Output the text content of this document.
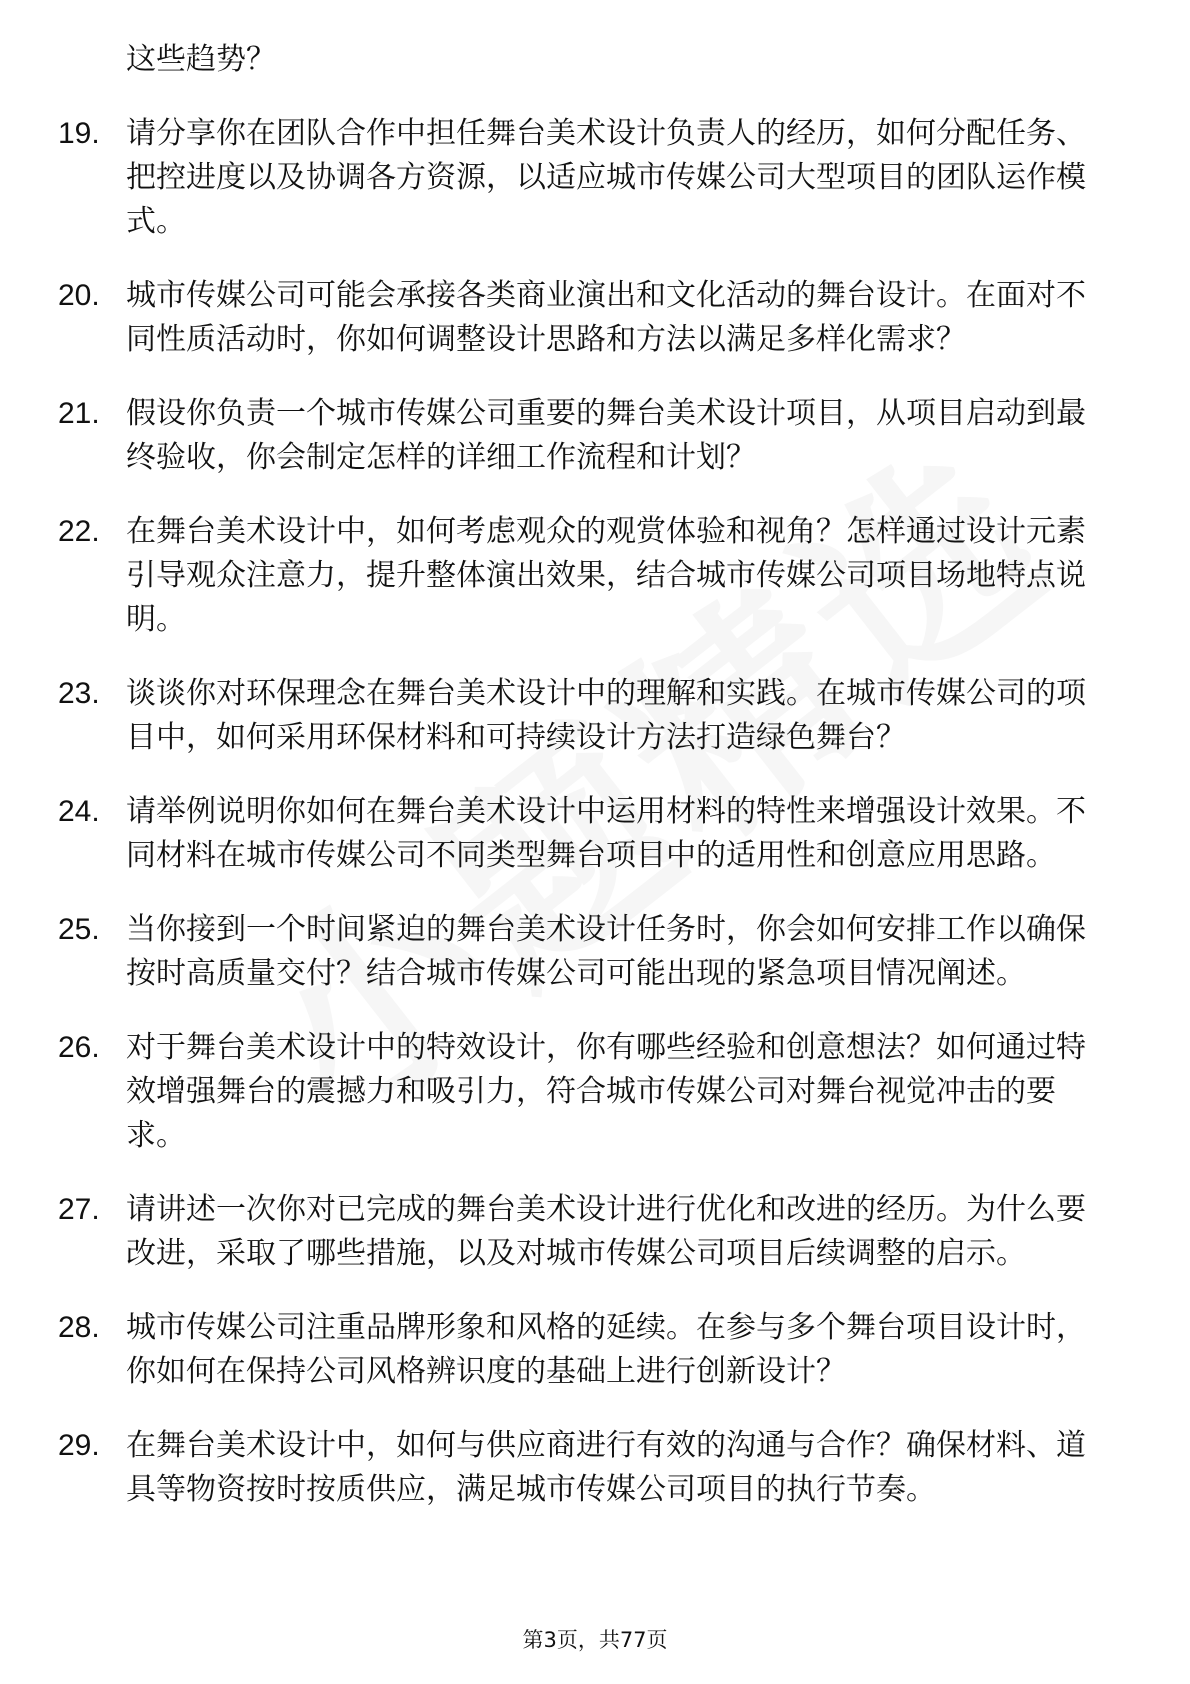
这些趋势？

19. 请分享你在团队合作中担任舞台美术设计负责人的经历，如何分配任务、把控进度以及协调各方资源，以适应城市传媒公司大型项目的团队运作模式。

20. 城市传媒公司可能会承接各类商业演出和文化活动的舞台设计。在面对不同性质活动时，你如何调整设计思路和方法以满足多样化需求？

21. 假设你负责一个城市传媒公司重要的舞台美术设计项目，从项目启动到最终验收，你会制定怎样的详细工作流程和计划？

22. 在舞台美术设计中，如何考虑观众的观赏体验和视角？怎样通过设计元素引导观众注意力，提升整体演出效果，结合城市传媒公司项目场地特点说明。

23. 谈谈你对环保理念在舞台美术设计中的理解和实践。在城市传媒公司的项目中，如何采用环保材料和可持续设计方法打造绿色舞台？

24. 请举例说明你如何在舞台美术设计中运用材料的特性来增强设计效果。不同材料在城市传媒公司不同类型舞台项目中的适用性和创意应用思路。

25. 当你接到一个时间紧迫的舞台美术设计任务时，你会如何安排工作以确保按时高质量交付？结合城市传媒公司可能出现的紧急项目情况阐述。

26. 对于舞台美术设计中的特效设计，你有哪些经验和创意想法？如何通过特效增强舞台的震撼力和吸引力，符合城市传媒公司对舞台视觉冲击的要求。

27. 请讲述一次你对已完成的舞台美术设计进行优化和改进的经历。为什么要改进，采取了哪些措施，以及对城市传媒公司项目后续调整的启示。

28. 城市传媒公司注重品牌形象和风格的延续。在参与多个舞台项目设计时，你如何在保持公司风格辨识度的基础上进行创新设计？

29. 在舞台美术设计中，如何与供应商进行有效的沟通与合作？确保材料、道具等物资按时按质供应，满足城市传媒公司项目的执行节奏。

第3页，共77页
